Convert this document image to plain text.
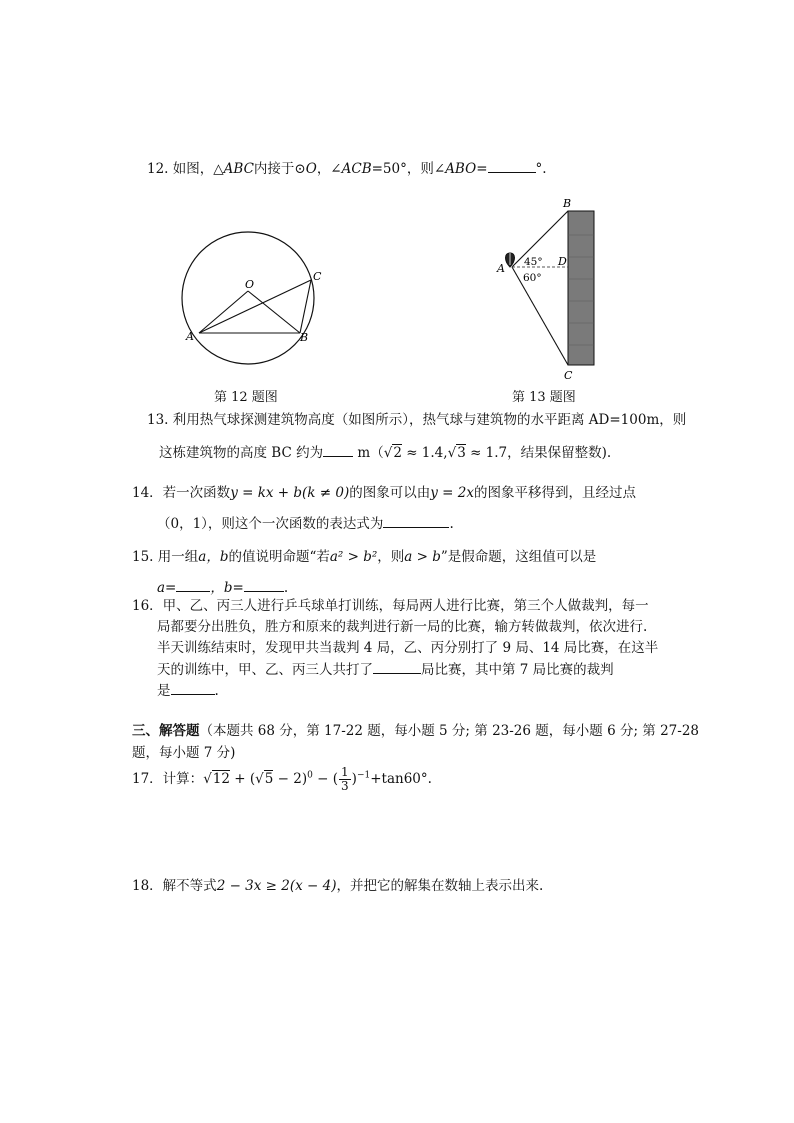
12. 如图，△ABC内接于⊙O，∠ACB=50°，则∠ABO=	°.
O
A	B
C
第 12 题图
A
B
C
D
45°
60°
第 13 题图
13. 利用热气球探测建筑物高度（如图所示），热气球与建筑物的水平距离 AD=100m，则
这栋建筑物的高度 BC 约为	m（√2 ≈ 1.4,√3 ≈ 1.7，结果保留整数).
14．若一次函数y = kx + b(k ≠ 0)的图象可以由y = 2x的图象平移得到，且经过点
（0，1），则这个一次函数的表达式为	.
15. 用一组a，b的值说明命题“若a² > b²，则a > b”是假命题，这组值可以是
a=	，b=	.
16．甲、乙、丙三人进行乒乓球单打训练，每局两人进行比赛，第三个人做裁判，每一
局都要分出胜负，胜方和原来的裁判进行新一局的比赛，输方转做裁判，依次进行.
半天训练结束时，发现甲共当裁判 4 局，乙、丙分别打了 9 局、14 局比赛，在这半
天的训练中，甲、乙、丙三人共打了	局比赛，其中第 7 局比赛的裁判
是	.
三、解答题（本题共 68 分，第 17-22 题，每小题 5 分; 第 23-26 题，每小题 6 分; 第 27-28
题，每小题 7 分)
17．计算：$√12 + (√5 - 2)^0$ − ( $\frac{1}{3} )^{-1}+\tan 60^\circ$.
18．解不等式2 − 3x ≥ 2(x − 4)，并把它的解集在数轴上表示出来.
